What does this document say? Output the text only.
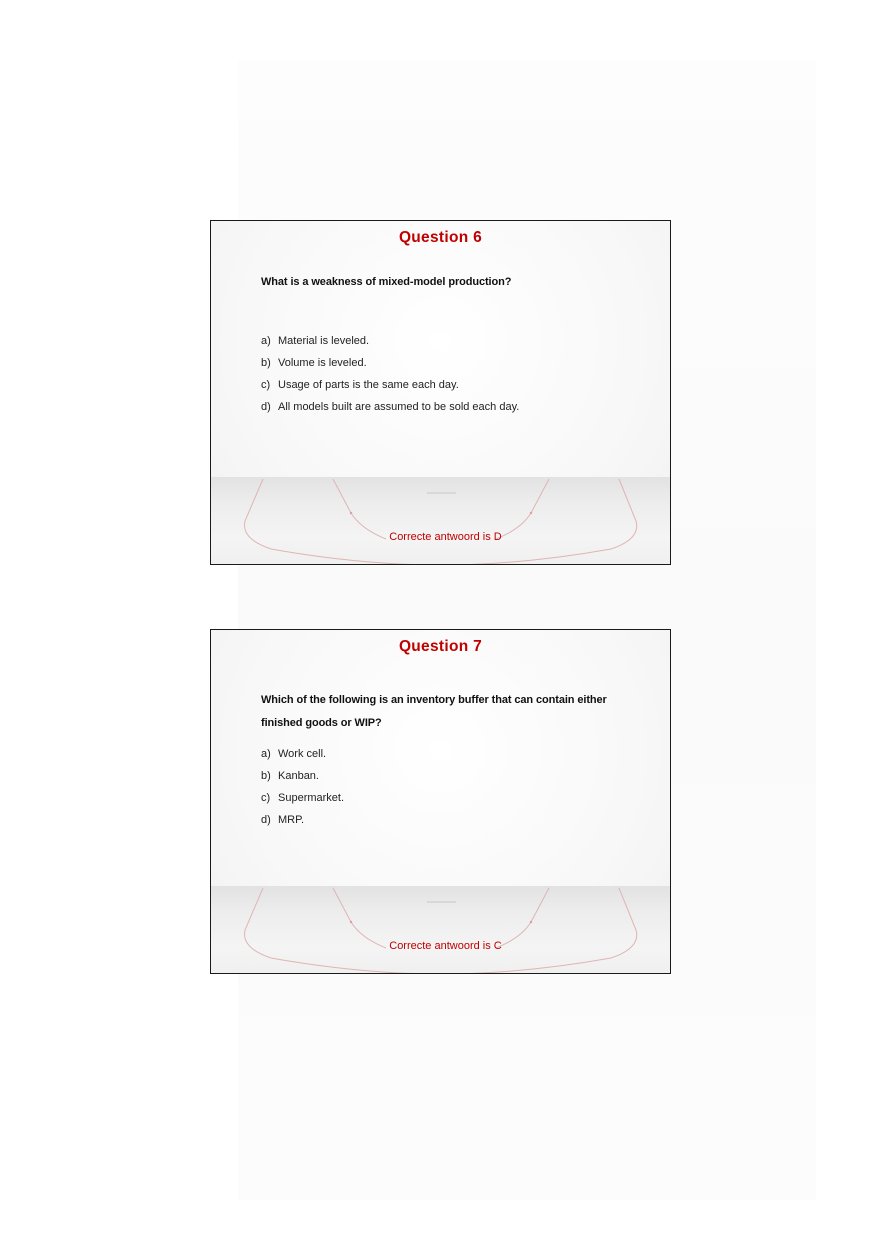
Question 6
What is a weakness of mixed-model production?
a) Material is leveled.
b) Volume is leveled.
c) Usage of parts is the same each day.
d) All models built are assumed to be sold each day.
Correcte antwoord is D
Question 7
Which of the following is an inventory buffer that can contain either finished goods or WIP?
a) Work cell.
b) Kanban.
c) Supermarket.
d) MRP.
Correcte antwoord is C
